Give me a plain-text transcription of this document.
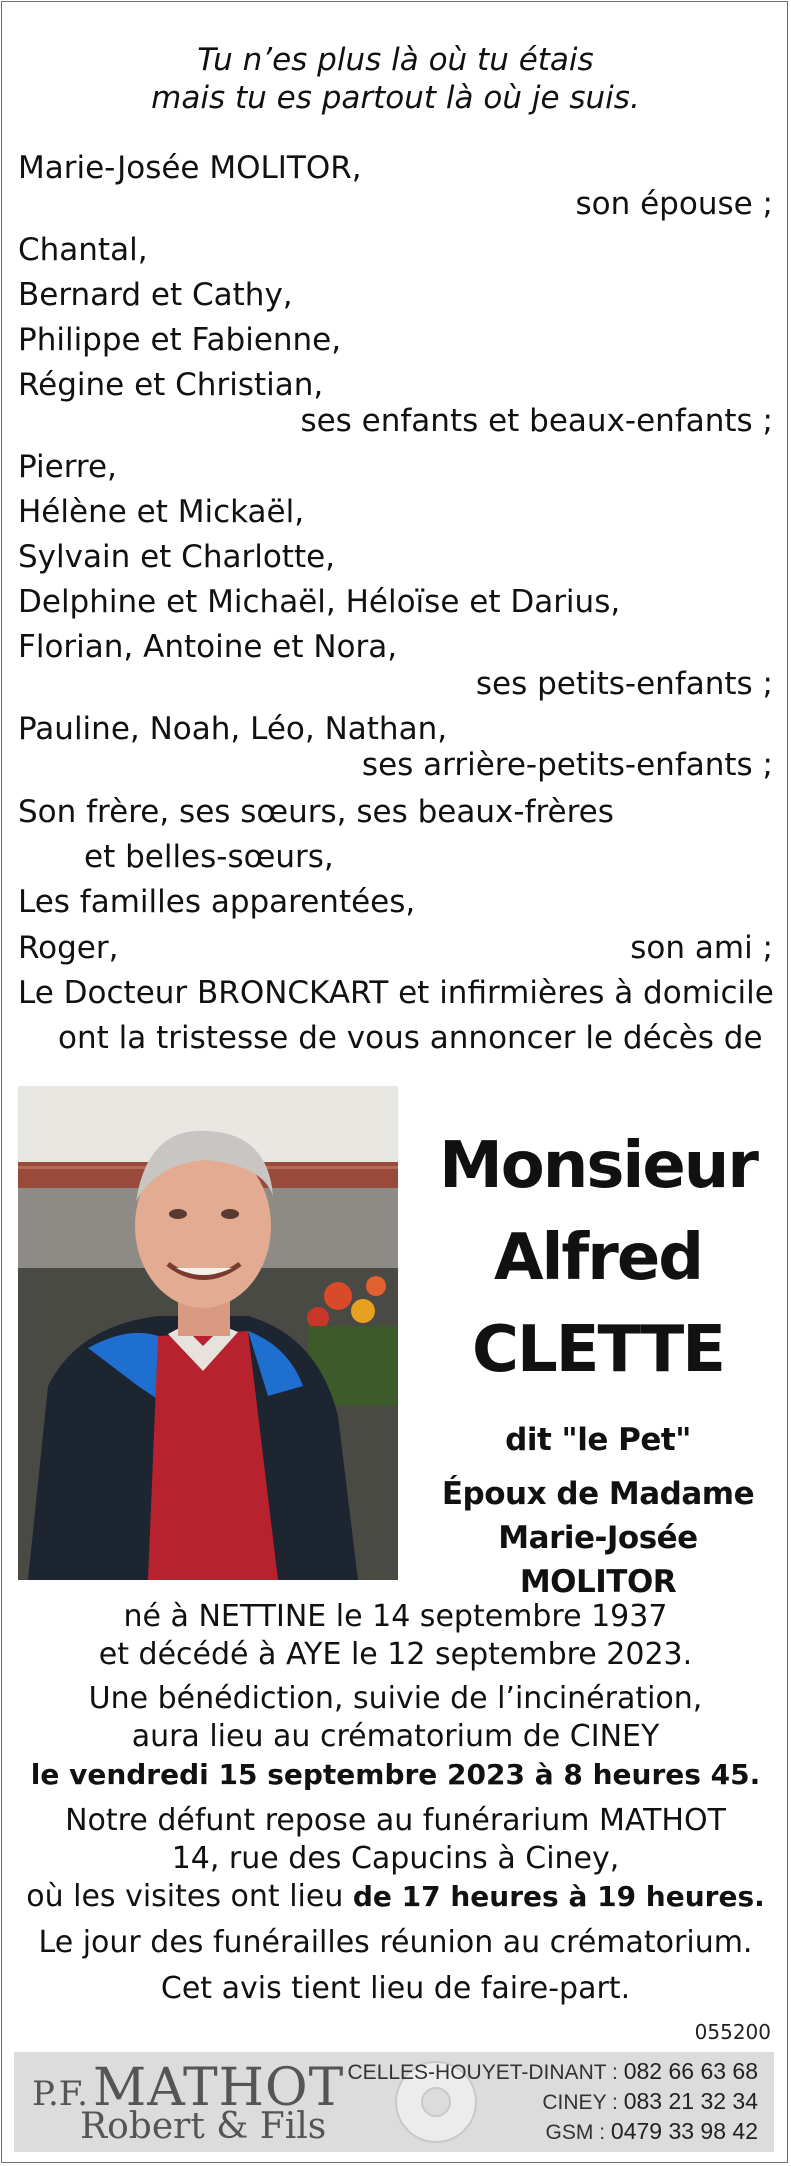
Tu n’es plus là où tu étais
mais tu es partout là où je suis.
Marie-Josée MOLITOR,
son épouse ;
Chantal,
Bernard et Cathy,
Philippe et Fabienne,
Régine et Christian,
ses enfants et beaux-enfants ;
Pierre,
Hélène et Mickaël,
Sylvain et Charlotte,
Delphine et Michaël, Héloïse et Darius,
Florian, Antoine et Nora,
ses petits-enfants ;
Pauline, Noah, Léo, Nathan,
ses arrière-petits-enfants ;
Son frère, ses sœurs, ses beaux-frères
et belles-sœurs,
Les familles apparentées,
Roger,	son ami ;
Le Docteur BRONCKART et infirmières à domicile
ont la tristesse de vous annoncer le décès de
Monsieur
Alfred
CLETTE
dit "le Pet"
Époux de Madame
Marie-Josée MOLITOR
né à NETTINE le 14 septembre 1937
et décédé à AYE le 12 septembre 2023.
Une bénédiction, suivie de l’incinération,
aura lieu au crématorium de CINEY
le vendredi 15 septembre 2023 à 8 heures 45.
Notre défunt repose au funérarium MATHOT
14, rue des Capucins à Ciney,
où les visites ont lieu de 17 heures à 19 heures.
Le jour des funérailles réunion au crématorium.
Cet avis tient lieu de faire-part.
055200
P.F. MATHOT
Robert & Fils
CELLES-HOUYET-DINANT : 082 66 63 68
CINEY : 083 21 32 34
GSM : 0479 33 98 42
